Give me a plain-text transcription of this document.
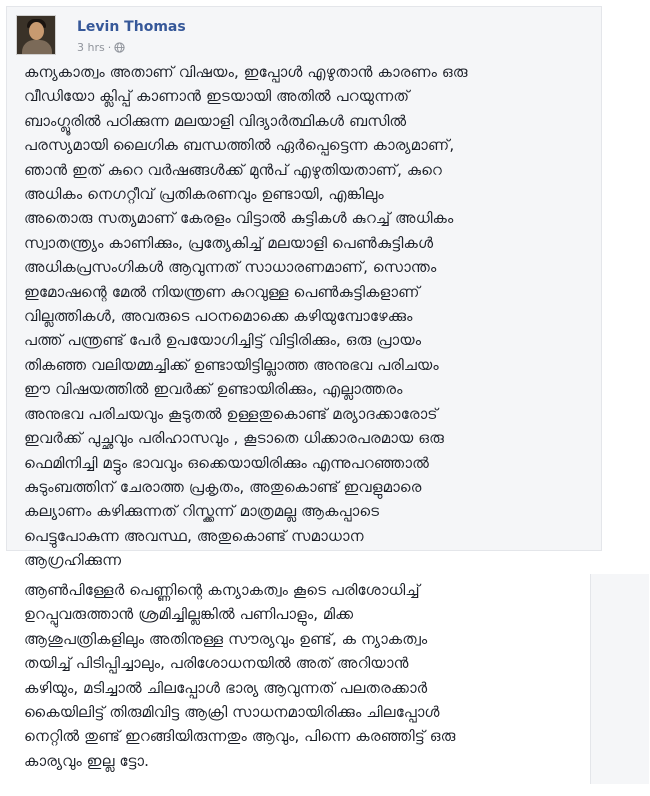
Levin Thomas
3 hrs ·
കന്യകാത്വം അതാണ് വിഷയം, ഇപ്പോൾ എഴുതാൻ കാരണം ഒരു
വീഡിയോ ക്ലിപ്പ് കാണാൻ ഇടയായി അതിൽ പറയുന്നത്
ബാംഗ്ലൂരിൽ പഠിക്കുന്ന മലയാളി വിദ്യാർത്ഥികൾ ബസിൽ
പരസ്യമായി ലൈഗിക ബന്ധത്തിൽ ഏർപ്പെട്ടെന്ന കാര്യമാണ്,
ഞാൻ ഇത് കുറെ വർഷങ്ങൾക്ക് മുൻപ് എഴുതിയതാണ്, കുറെ
അധികം നെഗറ്റീവ് പ്രതികരണവും ഉണ്ടായി, എങ്കിലും
അതൊരു സത്യമാണ് കേരളം വിട്ടാൽ കുട്ടികൾ കുറച്ച് അധികം
സ്വാതന്ത്ര്യം കാണിക്കും, പ്രത്യേകിച്ച് മലയാളി പെൺകുട്ടികൾ
അധികപ്രസംഗികൾ ആവുന്നത് സാധാരണമാണ്, സൊന്തം
ഇമോഷന്റെ മേൽ നിയന്ത്രണ കുറവുള്ള പെൺകുട്ടികളാണ്
വില്ലത്തികൾ, അവരുടെ പഠനമൊക്കെ കഴിയുമ്പോഴേക്കും
പത്ത് പന്ത്രണ്ട് പേർ ഉപയോഗിച്ചിട്ട് വിട്ടിരിക്കും, ഒരു പ്രായം
തികഞ്ഞ വലിയമ്മച്ചിക്ക് ഉണ്ടായിട്ടില്ലാത്ത അനുഭവ പരിചയം
ഈ വിഷയത്തിൽ ഇവർക്ക് ഉണ്ടായിരിക്കും, എല്ലാത്തരം
അനുഭവ പരിചയവും കൂടുതൽ ഉള്ളതുകൊണ്ട് മര്യാദക്കാരോട്
ഇവർക്ക് പുച്ഛവും പരിഹാസവും , കൂടാതെ ധിക്കാരപരമായ ഒരു
ഫെമിനിച്ചി മട്ടും ഭാവവും ഒക്കെയായിരിക്കും എന്നുപറഞ്ഞാൽ
കുടുംബത്തിന് ചേരാത്ത പ്രകൃതം, അതുകൊണ്ട് ഇവളുമാരെ
കല്യാണം കഴിക്കുന്നത് റിസ്ക്കന്ന് മാത്രമല്ല ആകപ്പാടെ
പെട്ടുപോകുന്ന അവസ്ഥ, അതുകൊണ്ട് സമാധാന
ആഗ്രഹിക്കുന്ന
ആൺപിള്ളേർ പെണ്ണിന്റെ കന്യാകത്വം കൂടെ പരിശോധിച്ച്
ഉറപ്പുവരുത്താൻ ശ്രമിച്ചില്ലങ്കിൽ പണിപാളും, മിക്ക
ആശുപത്രികളിലും അതിനുള്ള സൗര്യവും ഉണ്ട്, ക ന്യാകത്വം
തയിച്ച് പിടിപ്പിച്ചാലും, പരിശോധനയിൽ അത് അറിയാൻ
കഴിയും, മടിച്ചാൽ ചിലപ്പോൾ ഭാര്യ ആവുന്നത് പലതരക്കാർ
കൈയിലിട്ട് തിരുമിവിട്ട ആക്രി സാധനമായിരിക്കും ചിലപ്പോൾ
നെറ്റിൽ തുണ്ട് ഇറങ്ങിയിരുന്നതും ആവും, പിന്നെ കരഞ്ഞിട്ട് ഒരു
കാര്യവും ഇല്ല ട്ടോ.
